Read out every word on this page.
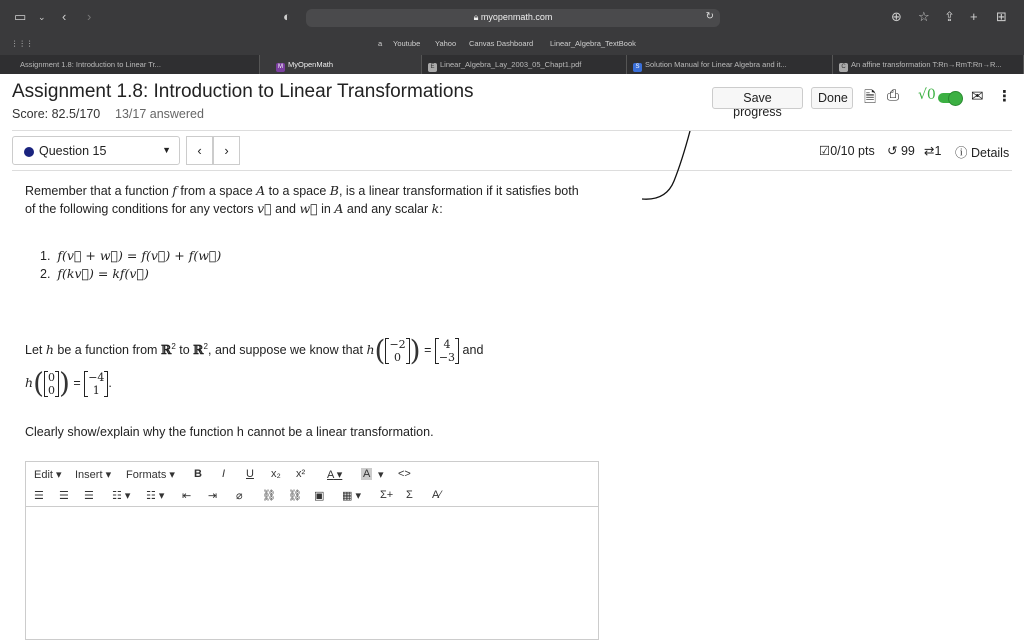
▭ ⌄ ‹ ›	◐	🔒︎ myopenmath.com	↻	⊕ ☆ ⇪ + ⊞
⋮⋮⋮	a Youtube Yahoo Canvas Dashboard Linear_Algebra_TextBook
Assignment 1.8: Introduction to Linear Tr...	M MyOpenMath	E Linear_Algebra_Lay_2003_05_Chapt1.pdf	S Solution Manual for Linear Algebra and it...	C An affine transformation T:Rn→RmT:Rn→R...
Assignment 1.8: Introduction to Linear Transformations
Score: 82.5/170 13/17 answered
Save progress
Done	🗎︎ ⎙ √0 ✉ ⋮
Question 15	▼	‹	›	☑0/10 pts ↺ 99 ⇄1 ⓘ Details
Remember that a function f from a space A to a space B, is a linear transformation if it satisfies both
of the following conditions for any vectors v⃗ and w⃗ in A and any scalar k:
1.  f(v⃗ + w⃗) = f(v⃗) + f(w⃗)
2.  f(kv⃗) = kf(v⃗)
Let h be a function from ℝ$^2$ to ℝ$^2$, and suppose we know that h( −2
0 ) = 4
−3 and
h( 0
0 ) = −4
1.
Clearly show/explain why the function h cannot be a linear transformation.
Edit ▾ Insert ▾ Formats ▾ B I U x₂ x² A ▾ A ▾ <>
☰ ☰ ☰ ☷ ▾ ☷ ▾ ⇤ ⇥ ⌀ ⛓ ⛓ ▣ ▦ ▾ Σ+ Σ A⁄
